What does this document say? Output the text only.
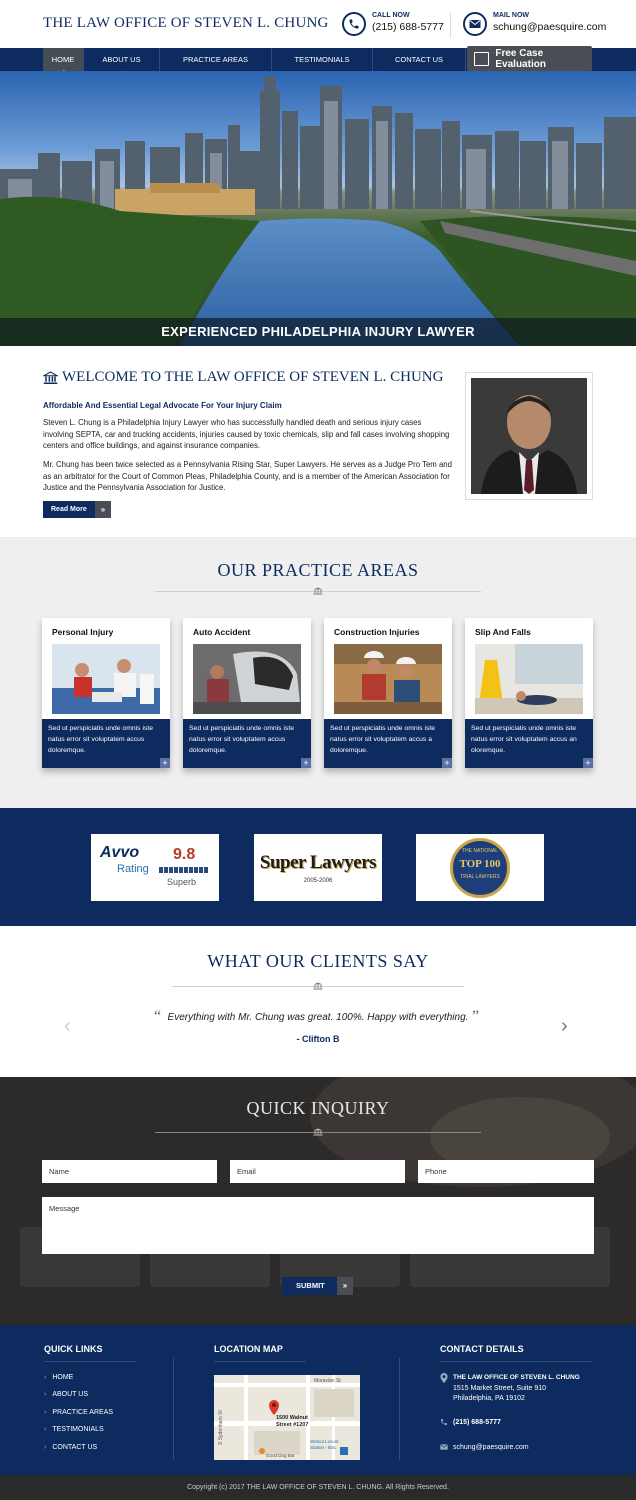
THE LAW OFFICE OF STEVEN L. CHUNG	CALL NOW
(215) 688-5777
MAIL NOW
schung@paesquire.com
HOME	ABOUT US	PRACTICE AREAS	TESTIMONIALS	CONTACT US
Free Case Evaluation
EXPERIENCED PHILADELPHIA INJURY LAWYER
WELCOME TO THE LAW OFFICE OF STEVEN L. CHUNG
Affordable And Essential Legal Advocate For Your Injury Claim
Steven L. Chung is a Philadelphia Injury Lawyer who has successfully handled death and serious injury cases involving SEPTA, car and trucking accidents, injuries caused by toxic chemicals, slip and fall cases involving shopping centers and office buildings, and against insurance companies.
Mr. Chung has been twice selected as a Pennsylvania Rising Star, Super Lawyers. He serves as a Judge Pro Tem and as an arbitrator for the Court of Common Pleas, Philadelphia County, and is a member of the American Association for Justice and the Pennsylvania Association for Justice.
Read More	»
OUR PRACTICE AREAS
Personal Injury
Sed ut perspiciatis unde omnis iste natus error sit voluptatem accus doloremque.
+
Auto Accident
Sed ut perspiciatis unde omnis iste natus error sit voluptatem accus doloremque.
+
Construction Injuries
Sed ut perspiciatis unde omnis iste natus error sit voluptatem accus a doloremque.
+
Slip And Falls
Sed ut perspiciatis unde omnis iste natus error sit voluptatem accus an oloremque.
+
Avvo
Rating
9.8
Superb
Super Lawyers
2005-2006
THE NATIONAL
TOP 100
TRIAL LAWYERS
WHAT OUR CLIENTS SAY
“ Everything with Mr. Chung was great. 100%. Happy with everything. ”
- Clifton B
‹	›
QUICK INQUIRY
Name	Email	Phone
Message
SUBMIT	»
QUICK LINKS
› HOME
› ABOUT US
› PRACTICE AREAS
› TESTIMONIALS
› CONTACT US
LOCATION MAP
Moravian St
S Sydenham St	1500 Walnut Street #1207
Walnut Locust Station - BSL
Good Dog Bar
CONTACT DETAILS
THE LAW OFFICE OF STEVEN L. CHUNG
1515 Market Street, Suite 910
Philadelphia, PA 19102
(215) 688-5777
schung@paesquire.com
Copyright (c) 2017 THE LAW OFFICE OF STEVEN L. CHUNG. All Rights Reserved.
